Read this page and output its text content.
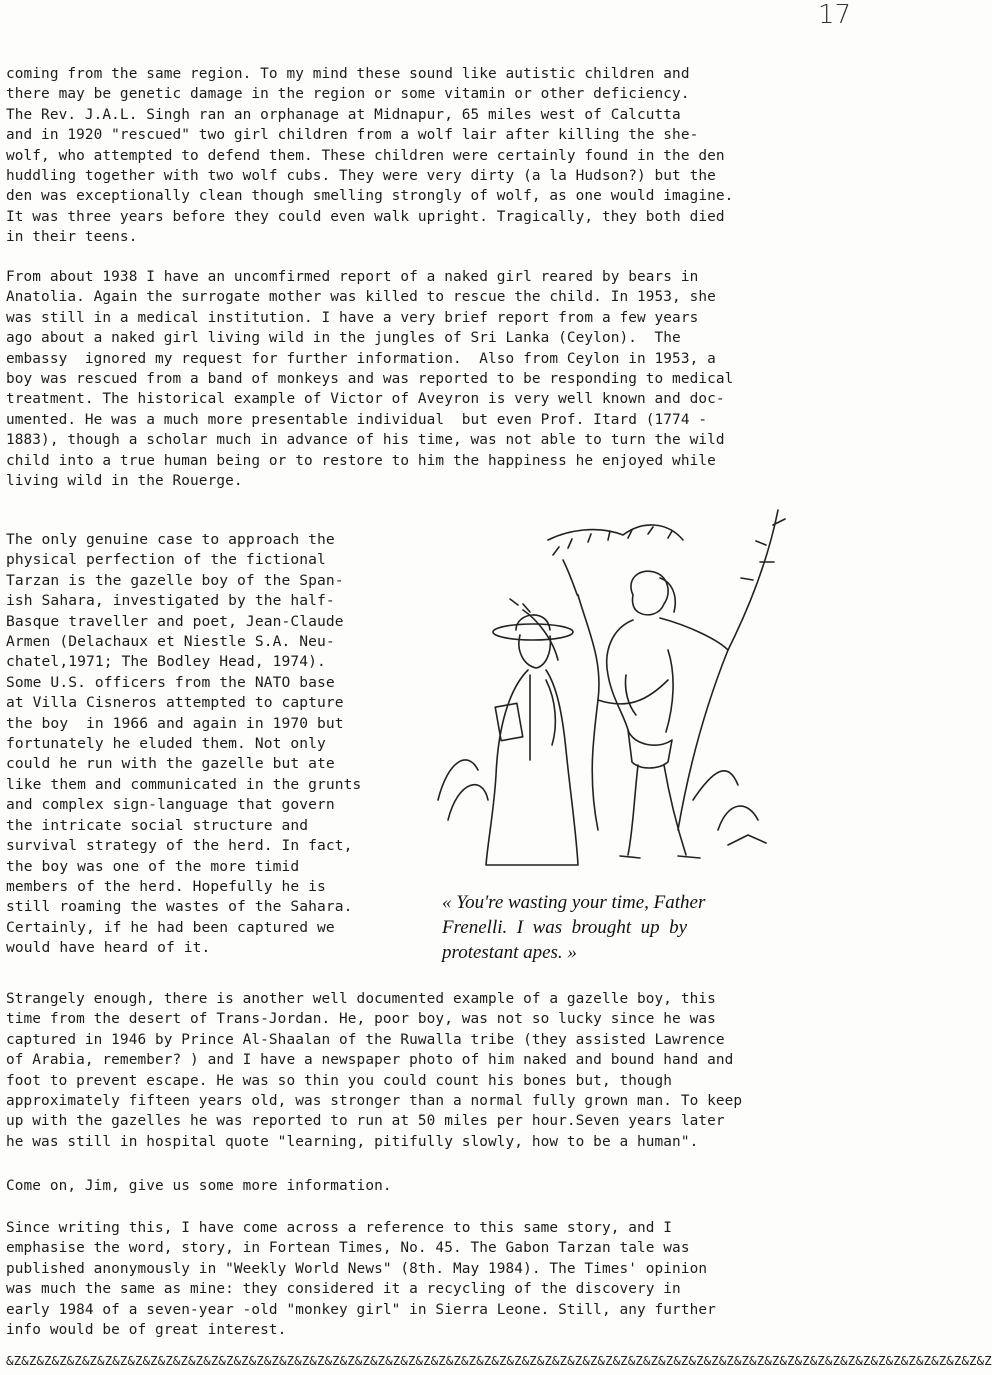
17

coming from the same region. To my mind these sound like autistic children and
there may be genetic damage in the region or some vitamin or other deficiency.
The Rev. J.A.L. Singh ran an orphanage at Midnapur, 65 miles west of Calcutta
and in 1920 "rescued" two girl children from a wolf lair after killing the she-
wolf, who attempted to defend them. These children were certainly found in the den
huddling together with two wolf cubs. They were very dirty (a la Hudson?) but the
den was exceptionally clean though smelling strongly of wolf, as one would imagine.
It was three years before they could even walk upright. Tragically, they both died
in their teens.

From about 1938 I have an uncomfirmed report of a naked girl reared by bears in
Anatolia. Again the surrogate mother was killed to rescue the child. In 1953, she
was still in a medical institution. I have a very brief report from a few years
ago about a naked girl living wild in the jungles of Sri Lanka (Ceylon).  The
embassy  ignored my request for further information.  Also from Ceylon in 1953, a
boy was rescued from a band of monkeys and was reported to be responding to medical
treatment. The historical example of Victor of Aveyron is very well known and doc-
umented. He was a much more presentable individual  but even Prof. Itard (1774 -
1883), though a scholar much in advance of his time, was not able to turn the wild
child into a true human being or to restore to him the happiness he enjoyed while
living wild in the Rouerge.

The only genuine case to approach the
physical perfection of the fictional
Tarzan is the gazelle boy of the Span-
ish Sahara, investigated by the half-
Basque traveller and poet, Jean-Claude
Armen (Delachaux et Niestle S.A. Neu-
chatel,1971; The Bodley Head, 1974).
Some U.S. officers from the NATO base
at Villa Cisneros attempted to capture
the boy  in 1966 and again in 1970 but
fortunately he eluded them. Not only
could he run with the gazelle but ate
like them and communicated in the grunts
and complex sign-language that govern
the intricate social structure and
survival strategy of the herd. In fact,
the boy was one of the more timid
members of the herd. Hopefully he is
still roaming the wastes of the Sahara.
Certainly, if he had been captured we
would have heard of it.

« You're wasting your time, Father
Frenelli.  I  was  brought  up  by
protestant apes. »

Strangely enough, there is another well documented example of a gazelle boy, this
time from the desert of Trans-Jordan. He, poor boy, was not so lucky since he was
captured in 1946 by Prince Al-Shaalan of the Ruwalla tribe (they assisted Lawrence
of Arabia, remember? ) and I have a newspaper photo of him naked and bound hand and
foot to prevent escape. He was so thin you could count his bones but, though
approximately fifteen years old, was stronger than a normal fully grown man. To keep
up with the gazelles he was reported to run at 50 miles per hour.Seven years later
he was still in hospital quote "learning, pitifully slowly, how to be a human".

Come on, Jim, give us some more information.

Since writing this, I have come across a reference to this same story, and I
emphasise the word, story, in Fortean Times, No. 45. The Gabon Tarzan tale was
published anonymously in "Weekly World News" (8th. May 1984). The Times' opinion
was much the same as mine: they considered it a recycling of the discovery in
early 1984 of a seven-year -old "monkey girl" in Sierra Leone. Still, any further
info would be of great interest.

&Z&Z&Z&Z&Z&Z&Z&Z&Z&Z&Z&Z&Z&Z&Z&Z&Z&Z&Z&Z&Z&Z&Z&Z&Z&Z&Z&Z&Z&Z&Z&Z&Z&Z&Z&Z&Z&Z&Z&Z&Z&Z&Z&Z&Z&Z&Z&Z&Z&Z&Z&Z&Z&Z&Z&Z&Z&Z&Z&Z&Z&Z&Z&Z&Z
